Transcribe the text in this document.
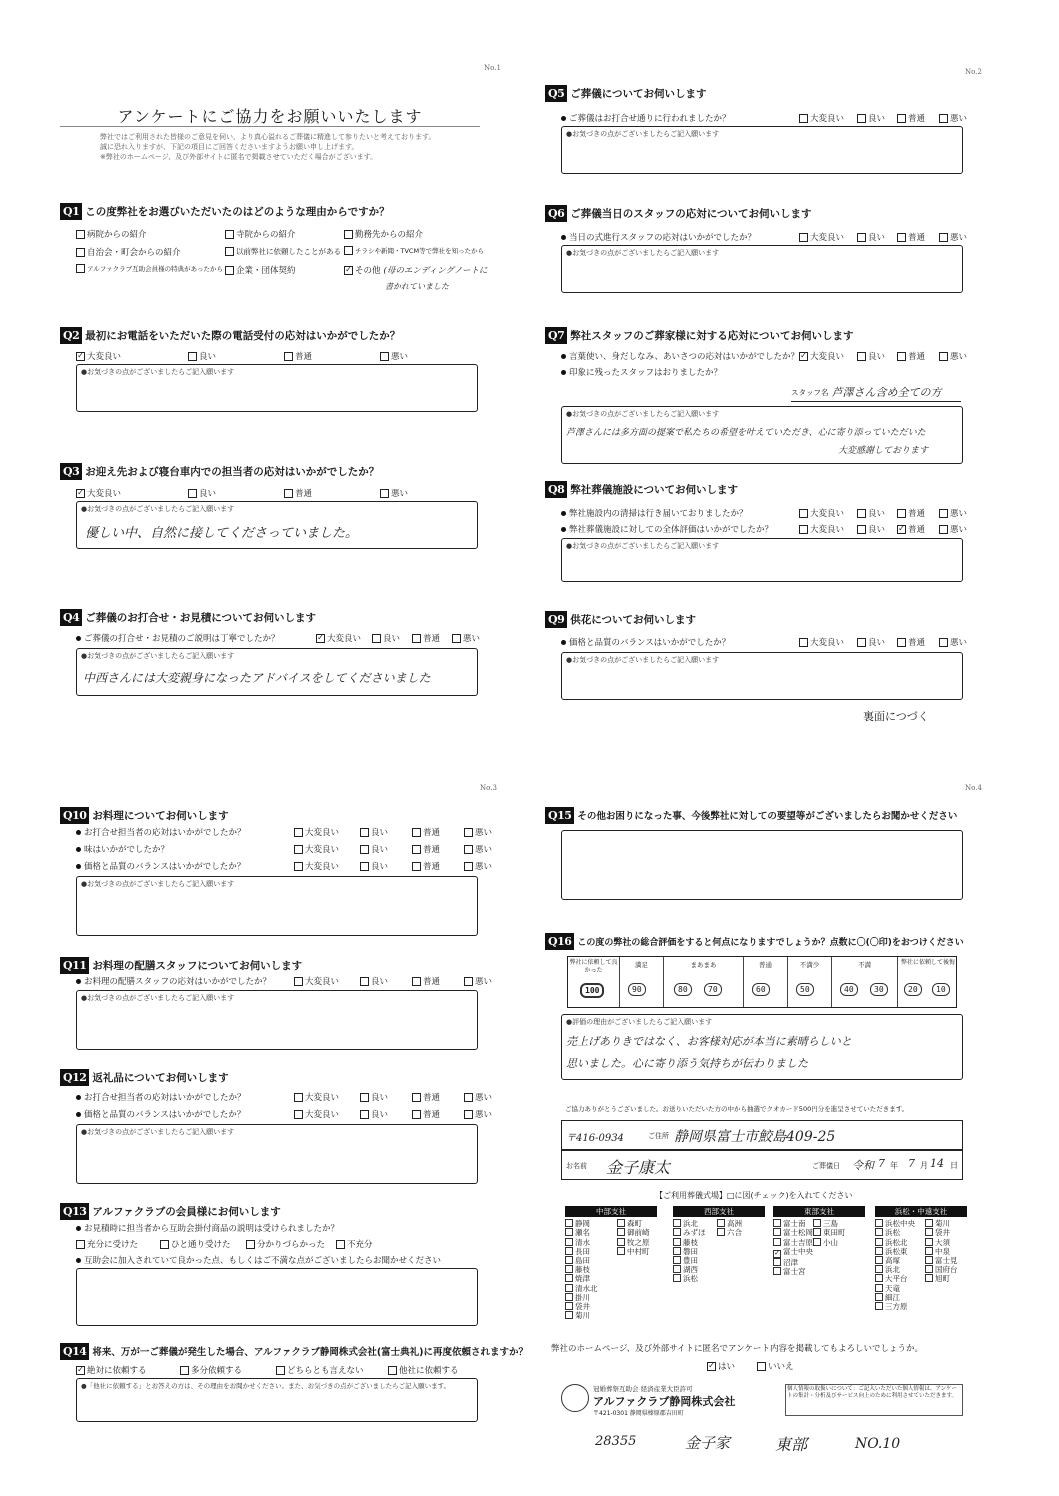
No.1
アンケートにご協力をお願いいたします
弊社ではご利用された皆様のご意見を伺い、より真心溢れるご葬儀に精進して参りたいと考えております。
誠に恐れ入りますが、下記の項目にご回答くださいますようお願い申し上げます。
※弊社のホームページ、及び外部サイトに匿名で掲載させていただく場合がございます。
Q1 この度弊社をお選びいただいたのはどのような理由からですか？
病院からの紹介
自治会・町会からの紹介
アルファクラブ互助会員様の特典があったから
寺院からの紹介
以前弊社に依頼したことがある
企業・団体契約
勤務先からの紹介
チラシや新聞・TVCM等で弊社を知ったから
✓ その他 (母のエンディングノートに
書かれていました
Q2 最初にお電話をいただいた際の電話受付の応対はいかがでしたか？
✓ 大変良い	良い	普通	悪い
●お気づきの点がございましたらご記入願います
Q3 お迎え先および寝台車内での担当者の応対はいかがでしたか？
✓ 大変良い	良い	普通	悪い
●お気づきの点がございましたらご記入願います
優しい中、自然に接してくださっていました。
Q4 ご葬儀のお打合せ・お見積についてお伺いします
ご葬儀の打合せ・お見積のご説明は丁寧でしたか？	✓ 大変良い	良い	普通	悪い
●お気づきの点がございましたらご記入願います
中西さんには大変親身になったアドバイスをしてくださいました
No.2
Q5 ご葬儀についてお伺いします
ご葬儀はお打合せ通りに行われましたか？	大変良い	良い	普通	悪い
●お気づきの点がございましたらご記入願います
Q6 ご葬儀当日のスタッフの応対についてお伺いします
当日の式進行スタッフの応対はいかがでしたか？	大変良い	良い	普通	悪い
●お気づきの点がございましたらご記入願います
Q7 弊社スタッフのご葬家様に対する応対についてお伺いします
言葉使い、身だしなみ、あいさつの応対はいかがでしたか？	✓ 大変良い	良い	普通	悪い
印象に残ったスタッフはおりましたか？
スタッフ名 芦澤さん含め全ての方
●お気づきの点がございましたらご記入願います
芦澤さんには多方面の提案で私たちの希望を叶えていただき、心に寄り添っていただいた
大変感謝しております
Q8 弊社葬儀施設についてお伺いします
弊社施設内の清掃は行き届いておりましたか？	大変良い	良い	普通	悪い
弊社葬儀施設に対しての全体評価はいかがでしたか？	大変良い	良い	✓ 普通	悪い
●お気づきの点がございましたらご記入願います
Q9 供花についてお伺いします
価格と品質のバランスはいかがでしたか？	大変良い	良い	普通	悪い
●お気づきの点がございましたらご記入願います
裏面につづく
No.3
Q10 お料理についてお伺いします
お打合せ担当者の応対はいかがでしたか？	大変良い	良い	普通	悪い
味はいかがでしたか？	大変良い	良い	普通	悪い
価格と品質のバランスはいかがでしたか？	大変良い	良い	普通	悪い
●お気づきの点がございましたらご記入願います
Q11 お料理の配膳スタッフについてお伺いします
お料理の配膳スタッフの応対はいかがでしたか？	大変良い	良い	普通	悪い
●お気づきの点がございましたらご記入願います
Q12 返礼品についてお伺いします
お打合せ担当者の応対はいかがでしたか？	大変良い	良い	普通	悪い
価格と品質のバランスはいかがでしたか？	大変良い	良い	普通	悪い
●お気づきの点がございましたらご記入願います
Q13 アルファクラブの会員様にお伺いします
お見積時に担当者から互助会掛付商品の説明は受けられましたか？
充分に受けた	ひと通り受けた	分かりづらかった	不充分
互助会に加入されていて良かった点、もしくはご不満な点がございましたらお聞かせください
Q14 将来、万が一ご葬儀が発生した場合、アルファクラブ静岡株式会社(富士典礼)に再度依頼されますか？
✓ 絶対に依頼する	多分依頼する	どちらとも言えない	他社に依頼する
●「他社に依頼する」とお答えの方は、その理由をお聞かせください。また、お気づきの点がございましたらご記入願います。
No.4
Q15 その他お困りになった事、今後弊社に対しての要望等がございましたらお聞かせください
Q16 この度の弊社の総合評価をすると何点になりますでしょうか？点数に〇(〇印)をおつけください
弊社に依頼して良かった
満足	まあまあ	普通	不満少	不満	弊社に依頼して後悔
100	90	80	70	60	50	40	30	20	10
●評価の理由がございましたらご記入願います
売上げありきではなく、お客様対応が本当に素晴らしいと
思いました。心に寄り添う気持ちが伝わりました
ご協力ありがとうございました。お送りいただいた方の中から抽選でクオカード500円分を進呈させていただきます。
〒416-0934	ご住所 静岡県富士市鮫島409-25
お名前 金子康太	ご葬儀日 令和 7 年 7 月 14 日
【ご利用葬儀式場】□に図(チェック)を入れてください
弊社のホームページ、及び外部サイトに匿名でアンケート内容を掲載してもよろしいでしょうか。
✓ はい	いいえ
冠婚葬祭互助会 経済産業大臣許可
アルファクラブ静岡株式会社
〒421-0301 静岡県榛原郡吉田町
個人情報の取扱いについて：ご記入いただいた個人情報は、アンケートの集計・分析及びサービス向上のために利用させていただきます。
28355	金子家	東部	NO.10
中部支社
静岡
瀬名
清水
長田
島田
藤枝
焼津
清水北
掛川
袋井
菊川
森町
御前崎
牧之原
中村町
西部支社
浜北
みずほ
藤枝
磐田
豊田
湖西
浜松
高洲
六合
東部支社
富士南
富士松岡
富士吉原
✓ 富士中央
沼津
富士宮
三島
東田町
小山
浜松・中遠支社
浜松中央
浜松
浜松北
浜松東
高塚
浜北
大平台
天竜
細江
三方原
菊川
袋井
大須
中泉
富士見
国府台
旭町
